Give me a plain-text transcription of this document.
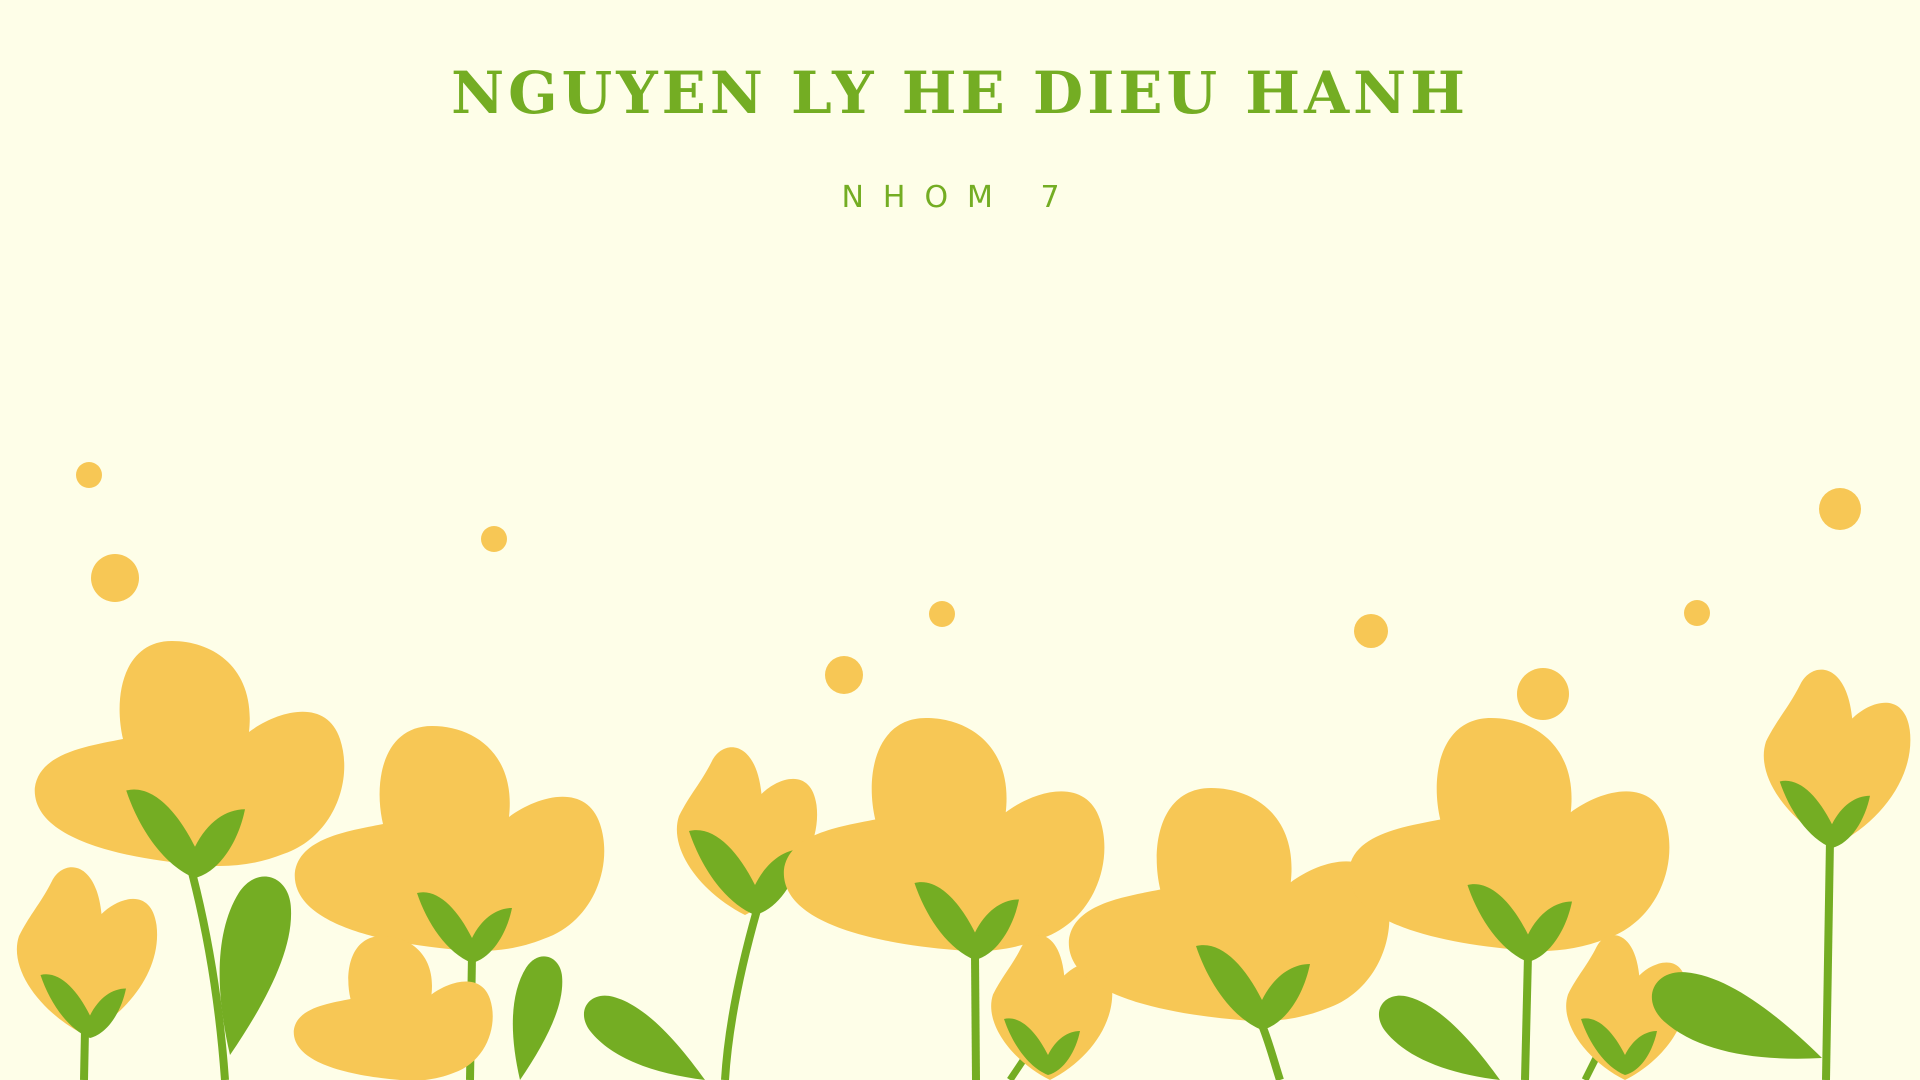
NGUYEN LY HE DIEU HANH
NHOM 7
